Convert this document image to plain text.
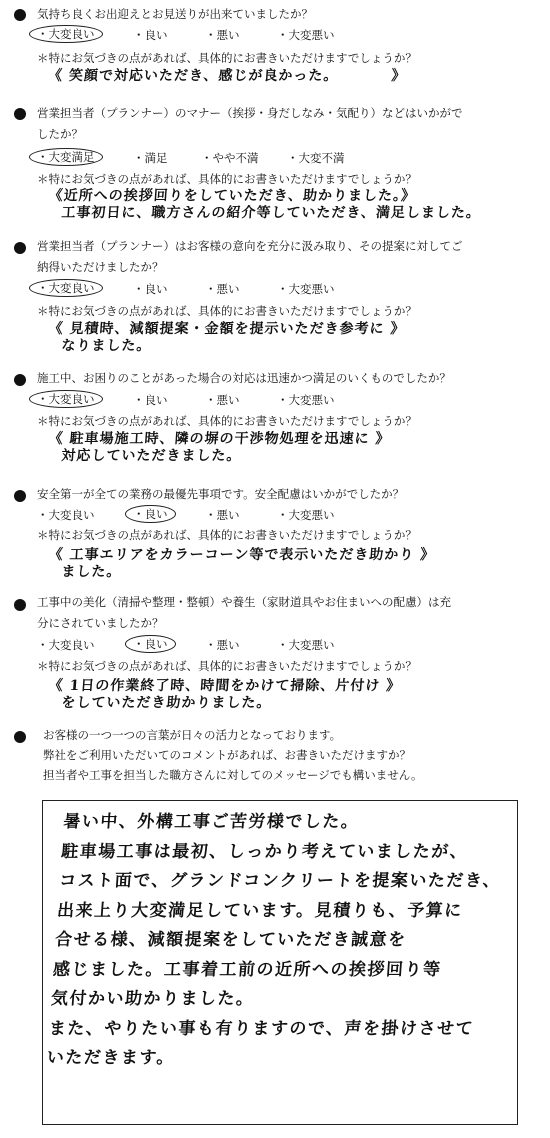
気持ち良くお出迎えとお見送りが出来ていましたか？
・大変良い	・良い	・悪い	・大変悪い
＊特にお気づきの点があれば、具体的にお書きいただけますでしょうか？
《 笑顔で対応いただき、感じが良かった。　　　　》
営業担当者（プランナー）のマナー（挨拶・身だしなみ・気配り）などはいかがで
したか？
・大変満足	・満足	・やや不満 ・大変不満
＊特にお気づきの点があれば、具体的にお書きいただけますでしょうか？
《近所への挨拶回りをしていただき、助かりました。》
工事初日に、職方さんの紹介等していただき、満足しました。
営業担当者（プランナー）はお客様の意向を充分に汲み取り、その提案に対してご
納得いただけましたか？
・大変良い	・良い	・悪い	・大変悪い
＊特にお気づきの点があれば、具体的にお書きいただけますでしょうか？
《 見積時、減額提案・金額を提示いただき参考に 》
なりました。
施工中、お困りのことがあった場合の対応は迅速かつ満足のいくものでしたか？
・大変良い	・良い	・悪い	・大変悪い
＊特にお気づきの点があれば、具体的にお書きいただけますでしょうか？
《 駐車場施工時、隣の塀の干渉物処理を迅速に 》
対応していただきました。
安全第一が全ての業務の最優先事項です。安全配慮はいかがでしたか？
・大変良い	・良い	・悪い	・大変悪い
＊特にお気づきの点があれば、具体的にお書きいただけますでしょうか？
《 工事エリアをカラーコーン等で表示いただき助かり 》
ました。
工事中の美化（清掃や整理・整頓）や養生（家財道具やお住まいへの配慮）は充
分にされていましたか？
・大変良い	・良い	・悪い	・大変悪い
＊特にお気づきの点があれば、具体的にお書きいただけますでしょうか？
《 1日の作業終了時、時間をかけて掃除、片付け 》
をしていただき助かりました。
お客様の一つ一つの言葉が日々の活力となっております。
弊社をご利用いただいてのコメントがあれば、お書きいただけますか？
担当者や工事を担当した職方さんに対してのメッセージでも構いません。
暑い中、外構工事ご苦労様でした。
駐車場工事は最初、しっかり考えていましたが、
コスト面で、グランドコンクリートを提案いただき、
出来上り大変満足しています。見積りも、予算に
合せる様、減額提案をしていただき誠意を
感じました。工事着工前の近所への挨拶回り等
気付かい助かりました。
また、やりたい事も有りますので、声を掛けさせて
いただきます。
